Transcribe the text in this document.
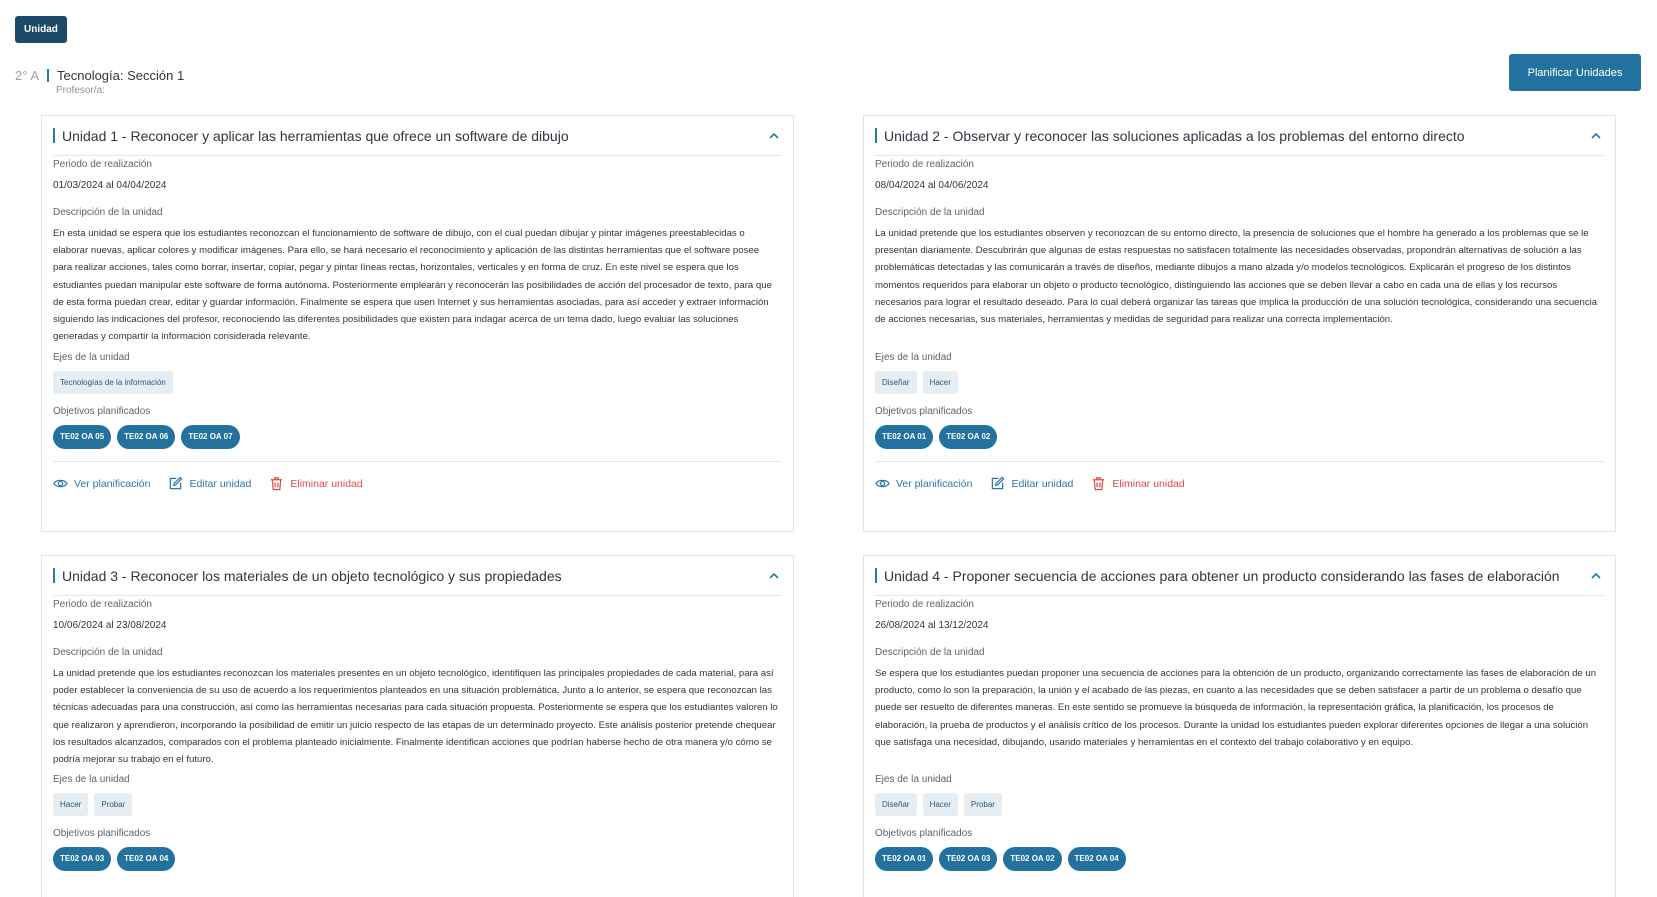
Unidad
2° A Tecnología: Sección 1
Profesor/a:
Planificar Unidades
Unidad 1 - Reconocer y aplicar las herramientas que ofrece un software de dibujo
Periodo de realización
01/03/2024 al 04/04/2024
Descripción de la unidad
En esta unidad se espera que los estudiantes reconozcan el funcionamiento de software de dibujo, con el cual puedan dibujar y pintar imágenes preestablecidas o elaborar nuevas, aplicar colores y modificar imágenes. Para ello, se hará necesario el reconocimiento y aplicación de las distintas herramientas que el software posee para realizar acciones, tales como borrar, insertar, copiar, pegar y pintar líneas rectas, horizontales, verticales y en forma de cruz. En este nivel se espera que los estudiantes puedan manipular este software de forma autónoma. Posteriormente emplearán y reconocerán las posibilidades de acción del procesador de texto, para que de esta forma puedan crear, editar y guardar información. Finalmente se espera que usen Internet y sus herramientas asociadas, para así acceder y extraer información siguiendo las indicaciones del profesor, reconociendo las diferentes posibilidades que existen para indagar acerca de un tema dado, luego evaluar las soluciones generadas y compartir la información considerada relevante.
Ejes de la unidad
Tecnologías de la información
Objetivos planificados
TE02 OA 05	TE02 OA 06	TE02 OA 07
Ver planificación	Editar unidad	Eliminar unidad
Unidad 2 - Observar y reconocer las soluciones aplicadas a los problemas del entorno directo
Periodo de realización
08/04/2024 al 04/06/2024
Descripción de la unidad
La unidad pretende que los estudiantes observen y reconozcan de su entorno directo, la presencia de soluciones que el hombre ha generado a los problemas que se le presentan diariamente. Descubrirán que algunas de estas respuestas no satisfacen totalmente las necesidades observadas, propondrán alternativas de solución a las problemáticas detectadas y las comunicarán a través de diseños, mediante dibujos a mano alzada y/o modelos tecnológicos. Explicarán el progreso de los distintos momentos requeridos para elaborar un objeto o producto tecnológico, distinguiendo las acciones que se deben llevar a cabo en cada una de ellas y los recursos necesarios para lograr el resultado deseado. Para lo cual deberá organizar las tareas que implica la producción de una solución tecnológica, considerando una secuencia de acciones necesarias, sus materiales, herramientas y medidas de seguridad para realizar una correcta implementación.
Ejes de la unidad
Diseñar	Hacer
Objetivos planificados
TE02 OA 01	TE02 OA 02
Ver planificación	Editar unidad	Eliminar unidad
Unidad 3 - Reconocer los materiales de un objeto tecnológico y sus propiedades
Periodo de realización
10/06/2024 al 23/08/2024
Descripción de la unidad
La unidad pretende que los estudiantes reconozcan los materiales presentes en un objeto tecnológico, identifiquen las principales propiedades de cada material, para así poder establecer la conveniencia de su uso de acuerdo a los requerimientos planteados en una situación problemática. Junto a lo anterior, se espera que reconozcan las técnicas adecuadas para una construcción, así como las herramientas necesarias para cada situación propuesta. Posteriormente se espera que los estudiantes valoren lo que realizaron y aprendieron, incorporando la posibilidad de emitir un juicio respecto de las etapas de un determinado proyecto. Este análisis posterior pretende chequear los resultados alcanzados, comparados con el problema planteado inicialmente. Finalmente identifican acciones que podrían haberse hecho de otra manera y/o cómo se podría mejorar su trabajo en el futuro.
Ejes de la unidad
Hacer	Probar
Objetivos planificados
TE02 OA 03	TE02 OA 04
Unidad 4 - Proponer secuencia de acciones para obtener un producto considerando las fases de elaboración
Periodo de realización
26/08/2024 al 13/12/2024
Descripción de la unidad
Se espera que los estudiantes puedan proponer una secuencia de acciones para la obtención de un producto, organizando correctamente las fases de elaboración de un producto, como lo son la preparación, la unión y el acabado de las piezas, en cuanto a las necesidades que se deben satisfacer a partir de un problema o desafío que puede ser resuelto de diferentes maneras. En este sentido se promueve la búsqueda de información, la representación gráfica, la planificación, los procesos de elaboración, la prueba de productos y el análisis crítico de los procesos. Durante la unidad los estudiantes pueden explorar diferentes opciones de llegar a una solución que satisfaga una necesidad, dibujando, usando materiales y herramientas en el contexto del trabajo colaborativo y en equipo.
Ejes de la unidad
Diseñar	Hacer	Probar
Objetivos planificados
TE02 OA 01	TE02 OA 03	TE02 OA 02	TE02 OA 04
